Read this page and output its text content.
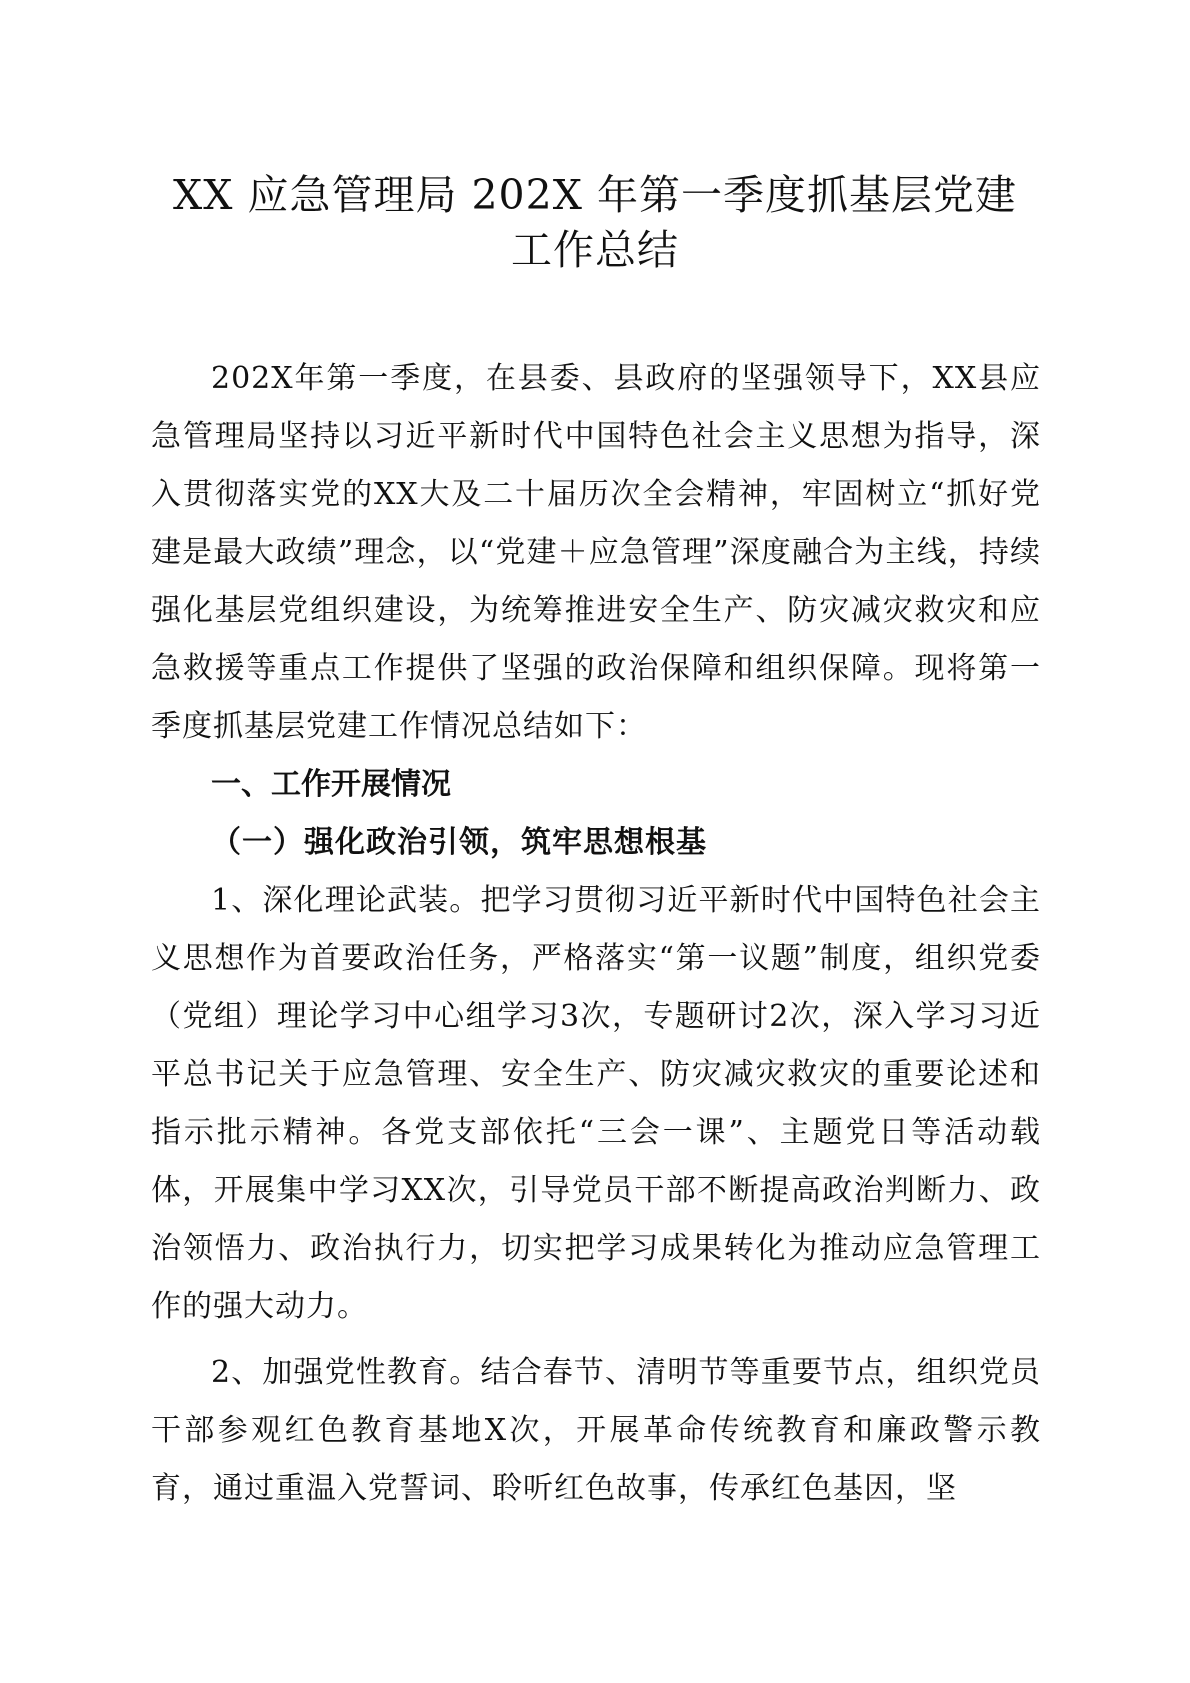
XX 应急管理局 202X 年第一季度抓基层党建
工作总结

202X年第一季度，在县委、县政府的坚强领导下，XX县应急管理局坚持以习近平新时代中国特色社会主义思想为指导，深入贯彻落实党的XX大及二十届历次全会精神，牢固树立“抓好党建是最大政绩”理念，以“党建＋应急管理”深度融合为主线，持续强化基层党组织建设，为统筹推进安全生产、防灾减灾救灾和应急救援等重点工作提供了坚强的政治保障和组织保障。现将第一季度抓基层党建工作情况总结如下：

一、工作开展情况

（一）强化政治引领，筑牢思想根基

1、深化理论武装。把学习贯彻习近平新时代中国特色社会主义思想作为首要政治任务，严格落实“第一议题”制度，组织党委（党组）理论学习中心组学习3次，专题研讨2次，深入学习习近平总书记关于应急管理、安全生产、防灾减灾救灾的重要论述和指示批示精神。各党支部依托“三会一课”、主题党日等活动载体，开展集中学习XX次，引导党员干部不断提高政治判断力、政治领悟力、政治执行力，切实把学习成果转化为推动应急管理工作的强大动力。

2、加强党性教育。结合春节、清明节等重要节点，组织党员干部参观红色教育基地X次，开展革命传统教育和廉政警示教育，通过重温入党誓词、聆听红色故事，传承红色基因，坚
